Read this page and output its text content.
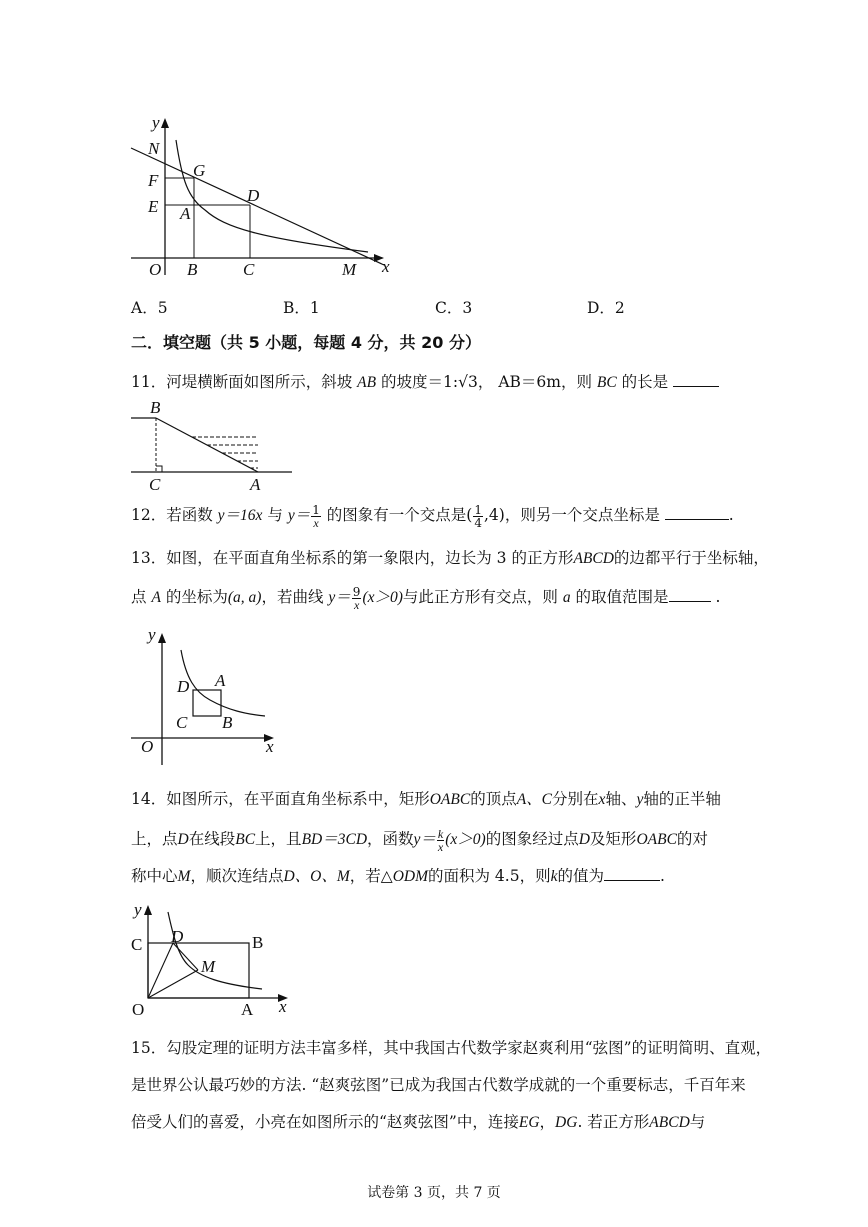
y
N
F
G
E A
D
O B	C	M x
A．5	B．1	C．3	D．2
二．填空题（共 5 小题，每题 4 分，共 20 分）
11．河堤横断面如图所示，斜坡 AB 的坡度＝1:√3， AB＝6m，则 BC 的长是
B
C	A
12．若函数 y＝16x 与 $y= \frac{1}{x}$ 的图象有一个交点是( $\frac{1}{4} ,4$)，则另一个交点坐标是	.
13．如图，在平面直角坐标系的第一象限内，边长为 3 的正方形ABCD的边都平行于坐标轴，
点 A 的坐标为(a, a)，若曲线 $y= \frac{9}{x} (x>0)$与此正方形有交点，则 a 的取值范围是	.
y
D A
C B
O	x
14．如图所示，在平面直角坐标系中，矩形OABC的顶点A、C分别在x轴、y轴的正半轴
上，点D在线段BC上，且BD＝3CD，函数$y= \frac{k}{x} (x>0)$的图象经过点D及矩形OABC的对
称中心M，顺次连结点D、O、M，若△ODM的面积为 4.5，则k的值为	.
y
C D	B
M
O	A x
15．勾股定理的证明方法丰富多样，其中我国古代数学家赵爽利用“弦图”的证明简明、直观，
是世界公认最巧妙的方法. “赵爽弦图”已成为我国古代数学成就的一个重要标志，千百年来
倍受人们的喜爱，小亮在如图所示的“赵爽弦图”中，连接EG，DG. 若正方形ABCD与
试卷第 3 页，共 7 页
